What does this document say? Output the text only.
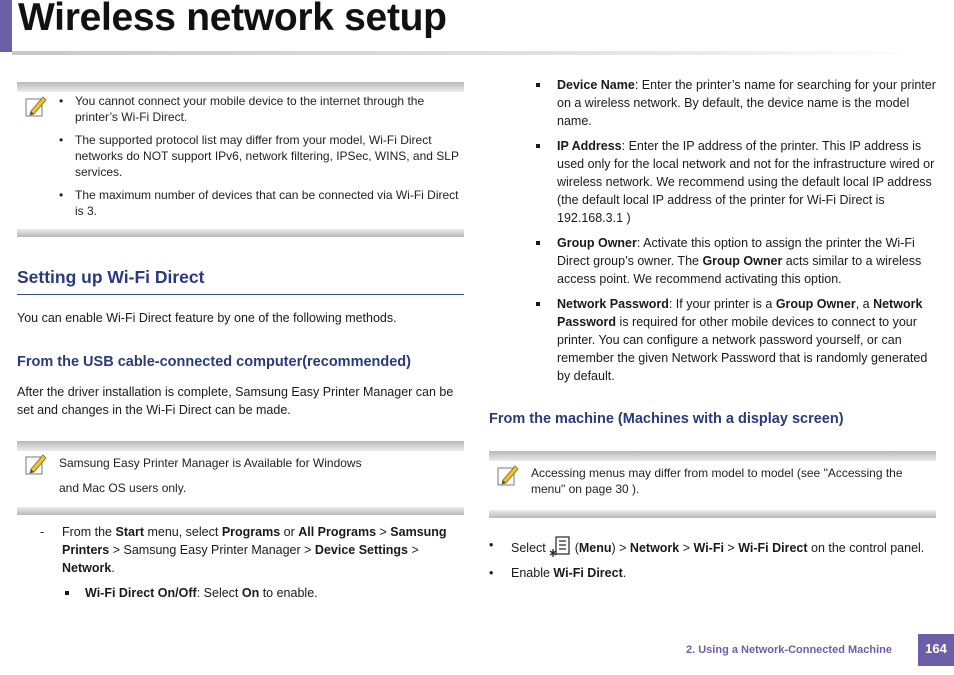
Wireless network setup
• You cannot connect your mobile device to the internet through the printer’s Wi-Fi Direct.
• The supported protocol list may differ from your model, Wi-Fi Direct networks do NOT support IPv6, network filtering, IPSec, WINS, and SLP services.
• The maximum number of devices that can be connected via Wi-Fi Direct is 3.
Setting up Wi-Fi Direct
You can enable Wi-Fi Direct feature by one of the following methods.
From the USB cable-connected computer(recommended)
After the driver installation is complete, Samsung Easy Printer Manager can be set and changes in the Wi-Fi Direct can be made.
Samsung Easy Printer Manager is Available for Windows
and Mac OS users only.
-	From the Start menu, select Programs or All Programs > Samsung
Printers > Samsung Easy Printer Manager > Device Settings >
Network.
Wi-Fi Direct On/Off: Select On to enable.
Device Name: Enter the printer’s name for searching for your printer on a wireless network. By default, the device name is the model name.
IP Address: Enter the IP address of the printer. This IP address is used only for the local network and not for the infrastructure wired or wireless network. We recommend using the default local IP address (the default local IP address of the printer for Wi-Fi Direct is 192.168.3.1 )
Group Owner: Activate this option to assign the printer the Wi-Fi Direct group’s owner. The Group Owner acts similar to a wireless access point. We recommend activating this option.
Network Password: If your printer is a Group Owner, a Network
Password is required for other mobile devices to connect to your printer. You can configure a network password yourself, or can remember the given Network Password that is randomly generated by default.
From the machine (Machines with a display screen)
Accessing menus may differ from model to model (see "Accessing the menu" on page 30 ).
•	Select  (Menu) > Network > Wi-Fi > Wi-Fi Direct on the control panel.
•	Enable Wi-Fi Direct.
2. Using a Network-Connected Machine	164
